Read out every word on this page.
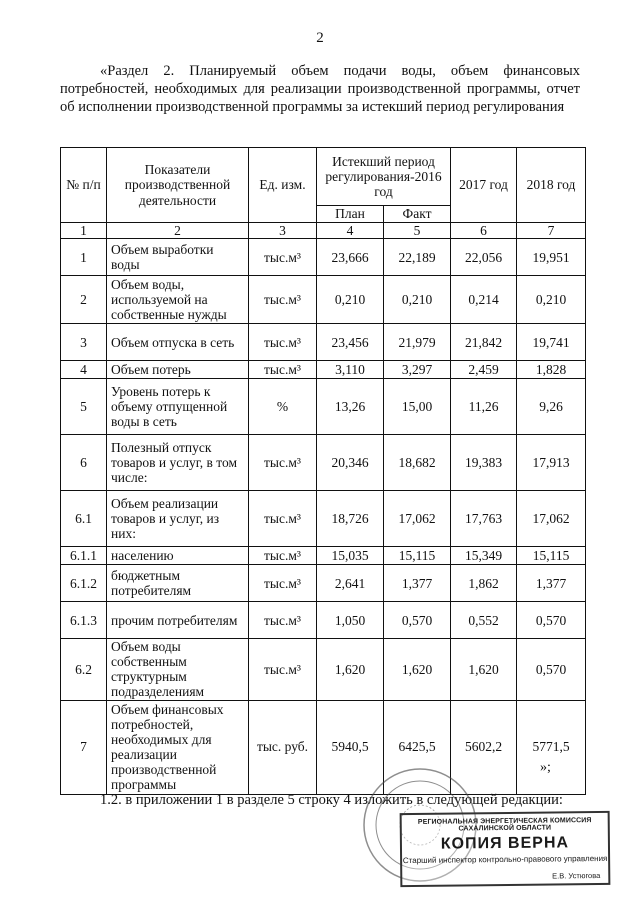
2
«Раздел 2. Планируемый объем подачи воды, объем финансовых потребностей, необходимых для реализации производственной программы, отчет об исполнении производственной программы за истекший период регулирования
№ п/п	Показатели производственной деятельности	Ед. изм.	Истекший период регулирования-2016 год		2017 год	2018 год
			План	Факт		
1	2	3	4	5	6	7
1	Объем выработки воды	тыс.м³	23,666	22,189	22,056	19,951
2	Объем воды, используемой на собственные нужды	тыс.м³	0,210	0,210	0,214	0,210
3	Объем отпуска в сеть	тыс.м³	23,456	21,979	21,842	19,741
4	Объем потерь	тыс.м³	3,110	3,297	2,459	1,828
5	Уровень потерь к объему отпущенной воды в сеть	%	13,26	15,00	11,26	9,26
6	Полезный отпуск товаров и услуг, в том числе:	тыс.м³	20,346	18,682	19,383	17,913
6.1	Объем реализации товаров и услуг, из них:	тыс.м³	18,726	17,062	17,763	17,062
6.1.1	населению	тыс.м³	15,035	15,115	15,349	15,115
6.1.2	бюджетным потребителям	тыс.м³	2,641	1,377	1,862	1,377
6.1.3	прочим потребителям	тыс.м³	1,050	0,570	0,552	0,570
6.2	Объем воды собственным структурным подразделениям	тыс.м³	1,620	1,620	1,620	0,570
7	Объем финансовых потребностей, необходимых для реализации производственной программы	тыс. руб.	5940,5	6425,5	5602,2	5771,5
»;
1.2. в приложении 1 в разделе 5 строку 4 изложить в следующей редакции:
РЕГИОНАЛЬНАЯ ЭНЕРГЕТИЧЕСКАЯ КОМИССИЯ САХАЛИНСКОЙ ОБЛАСТИ
КОПИЯ ВЕРНА
Старший инспектор контрольно-правового управления
Е.В. Устюгова
